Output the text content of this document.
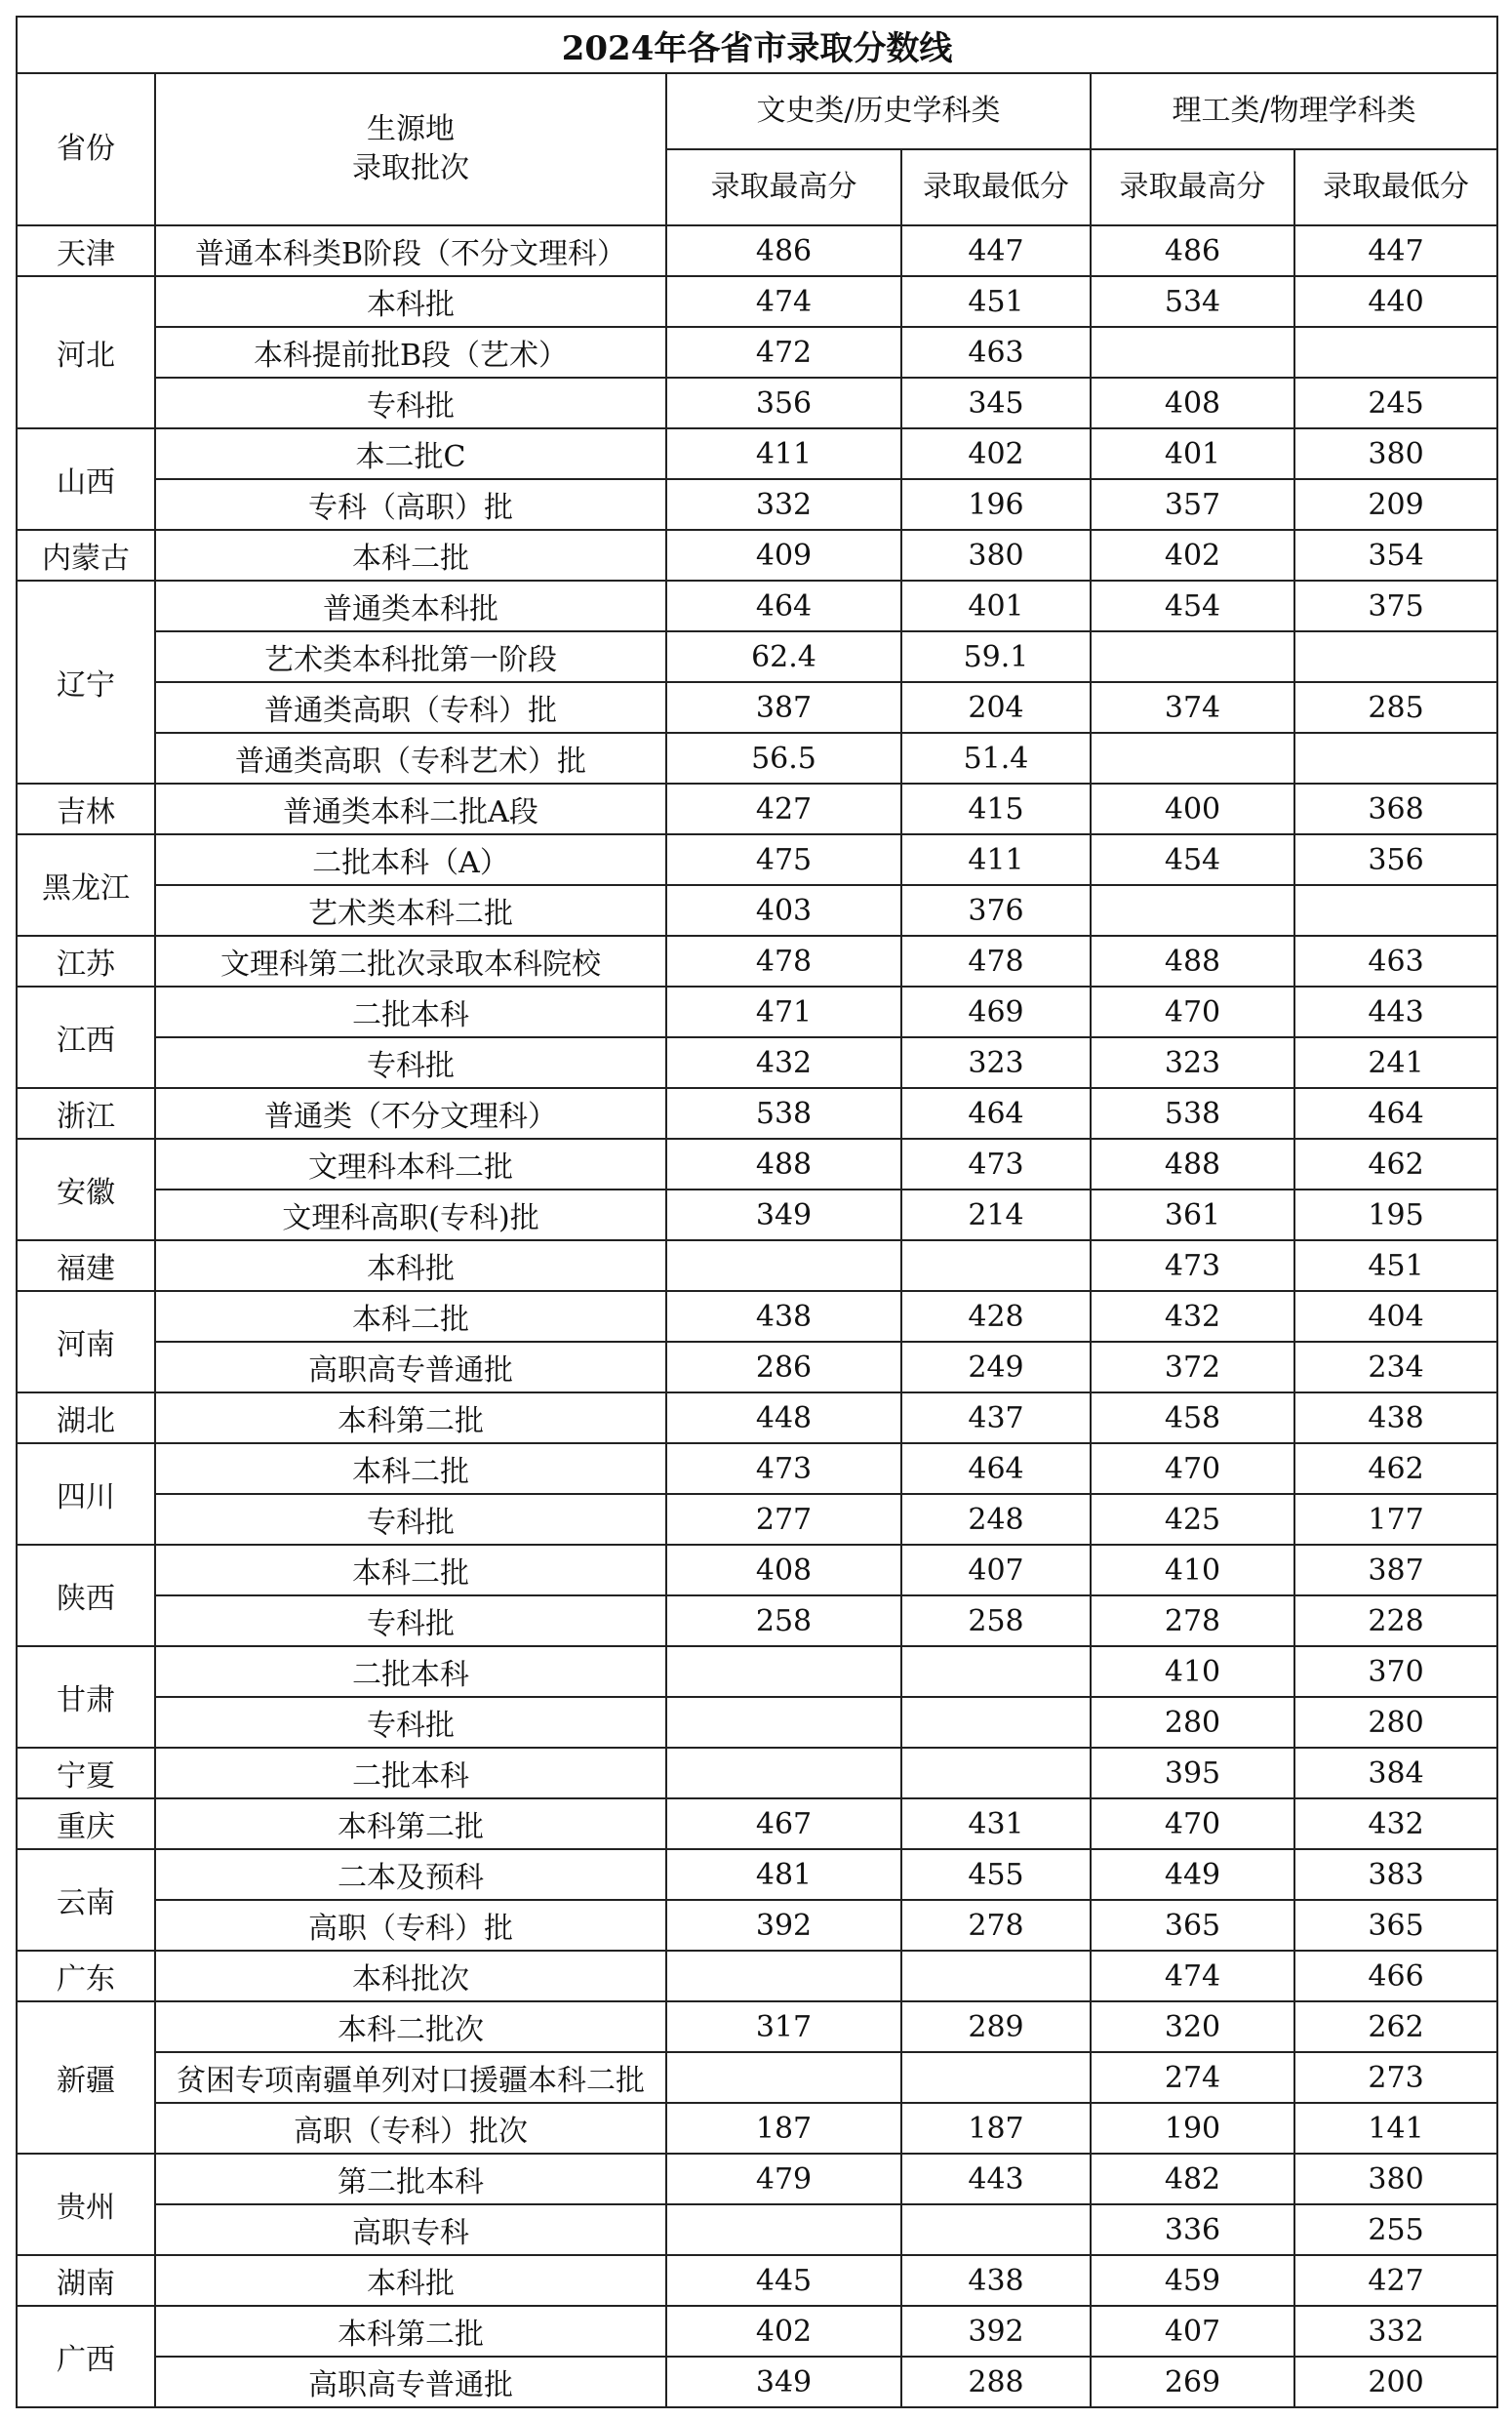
2024年各省市录取分数线					
省份	生源地
录取批次	文史类/历史学科类		理工类/物理学科类	
		录取最高分	录取最低分	录取最高分	录取最低分
天津	普通本科类B阶段（不分文理科）	486	447	486	447
河北	本科批	474	451	534	440
	本科提前批B段（艺术）	472	463		
	专科批	356	345	408	245
山西	本二批C	411	402	401	380
	专科（高职）批	332	196	357	209
内蒙古	本科二批	409	380	402	354
辽宁	普通类本科批	464	401	454	375
	艺术类本科批第一阶段	62.4	59.1		
	普通类高职（专科）批	387	204	374	285
	普通类高职（专科艺术）批	56.5	51.4		
吉林	普通类本科二批A段	427	415	400	368
黑龙江	二批本科（A）	475	411	454	356
	艺术类本科二批	403	376		
江苏	文理科第二批次录取本科院校	478	478	488	463
江西	二批本科	471	469	470	443
	专科批	432	323	323	241
浙江	普通类（不分文理科）	538	464	538	464
安徽	文理科本科二批	488	473	488	462
	文理科高职(专科)批	349	214	361	195
福建	本科批			473	451
河南	本科二批	438	428	432	404
	高职高专普通批	286	249	372	234
湖北	本科第二批	448	437	458	438
四川	本科二批	473	464	470	462
	专科批	277	248	425	177
陕西	本科二批	408	407	410	387
	专科批	258	258	278	228
甘肃	二批本科			410	370
	专科批			280	280
宁夏	二批本科			395	384
重庆	本科第二批	467	431	470	432
云南	二本及预科	481	455	449	383
	高职（专科）批	392	278	365	365
广东	本科批次			474	466
新疆	本科二批次	317	289	320	262
	贫困专项南疆单列对口援疆本科二批			274	273
	高职（专科）批次	187	187	190	141
贵州	第二批本科	479	443	482	380
	高职专科			336	255
湖南	本科批	445	438	459	427
广西	本科第二批	402	392	407	332
	高职高专普通批	349	288	269	200
